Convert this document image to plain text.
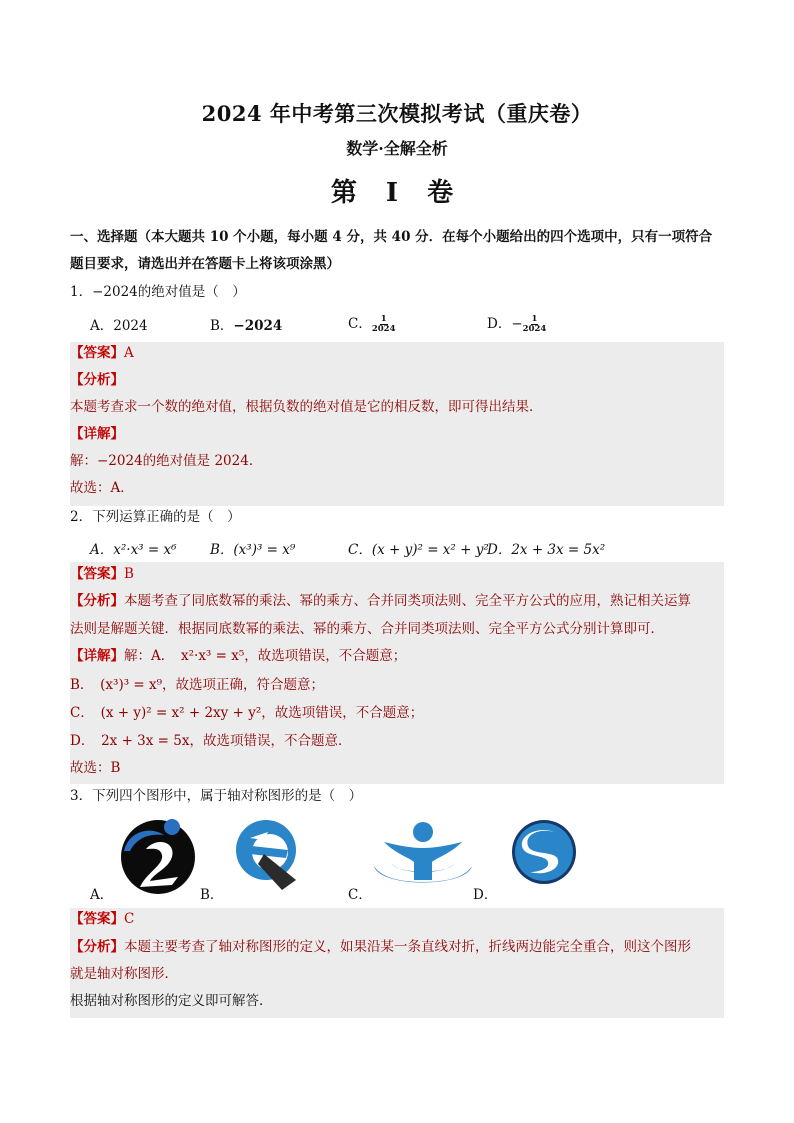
2024 年中考第三次模拟考试（重庆卷）
数学·全解全析
第 I 卷
一、选择题（本大题共 10 个小题，每小题 4 分，共 40 分．在每个小题给出的四个选项中，只有一项符合
题目要求，请选出并在答题卡上将该项涂黑）
1．−2024的绝对值是（　）
A．2024	B．−2024	C． $\frac{1}{2024}$	D．− $\frac{1}{2024}$
【答案】A
【分析】
本题考查求一个数的绝对值，根据负数的绝对值是它的相反数，即可得出结果．
【详解】
解：−2024的绝对值是 2024．
故选：A．
2．下列运算正确的是（　）
A．x²·x³ = x⁶ B．(x³)³ = x⁹	C．(x + y)² = x² + y²
D．2x + 3x = 5x²
【答案】B
【分析】本题考查了同底数幂的乘法、幂的乘方、合并同类项法则、完全平方公式的应用，熟记相关运算
法则是解题关键．根据同底数幂的乘法、幂的乘方、合并同类项法则、完全平方公式分别计算即可．
【详解】解：A．　x²·x³ = x⁵，故选项错误，不合题意；
B．　(x³)³ = x⁹，故选项正确，符合题意；
C．　(x + y)² = x² + 2xy + y²，故选项错误，不合题意；
D．　2x + 3x = 5x，故选项错误，不合题意．
故选：B
3．下列四个图形中，属于轴对称图形的是（　）
A．	B．	C．	D．
【答案】C
【分析】本题主要考查了轴对称图形的定义，如果沿某一条直线对折，折线两边能完全重合，则这个图形
就是轴对称图形．
根据轴对称图形的定义即可解答．
